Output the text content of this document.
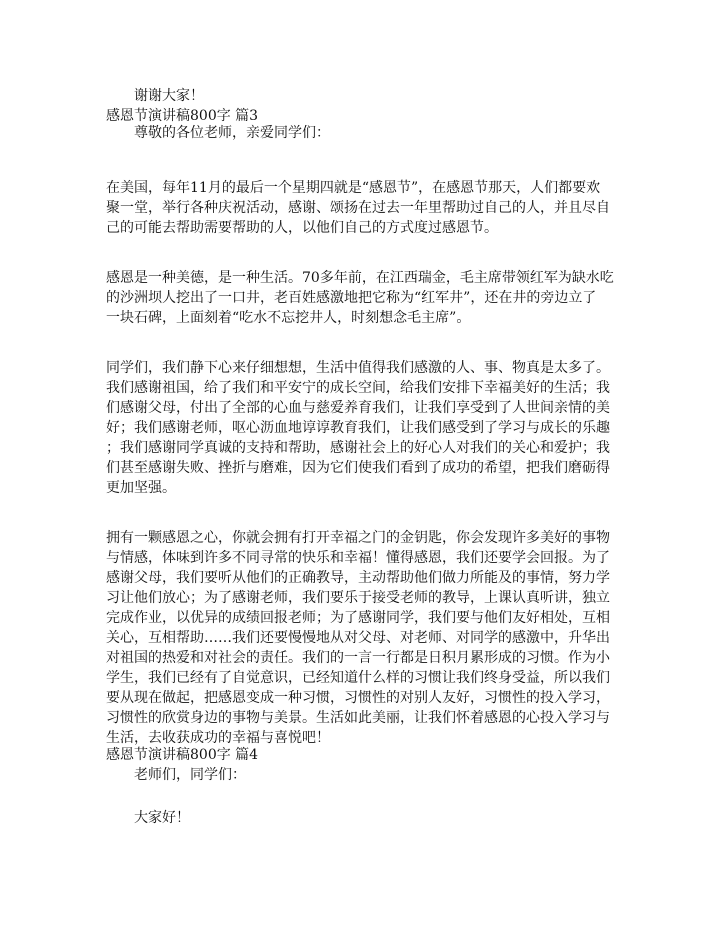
谢谢大家！
感恩节演讲稿800字 篇3
尊敬的各位老师，亲爱同学们：
在美国，每年11月的最后一个星期四就是“感恩节”，在感恩节那天，人们都要欢
聚一堂，举行各种庆祝活动，感谢、颂扬在过去一年里帮助过自己的人，并且尽自
己的可能去帮助需要帮助的人，以他们自己的方式度过感恩节。
感恩是一种美德，是一种生活。70多年前，在江西瑞金，毛主席带领红军为缺水吃
的沙洲坝人挖出了一口井，老百姓感激地把它称为“红军井”，还在井的旁边立了
一块石碑，上面刻着“吃水不忘挖井人，时刻想念毛主席”。
同学们，我们静下心来仔细想想，生活中值得我们感激的人、事、物真是太多了。
我们感谢祖国，给了我们和平安宁的成长空间，给我们安排下幸福美好的生活；我
们感谢父母，付出了全部的心血与慈爱养育我们，让我们享受到了人世间亲情的美
好；我们感谢老师，呕心沥血地谆谆教育我们，让我们感受到了学习与成长的乐趣
；我们感谢同学真诚的支持和帮助，感谢社会上的好心人对我们的关心和爱护；我
们甚至感谢失败、挫折与磨难，因为它们使我们看到了成功的希望，把我们磨砺得
更加坚强。
拥有一颗感恩之心，你就会拥有打开幸福之门的金钥匙，你会发现许多美好的事物
与情感，体味到许多不同寻常的快乐和幸福！懂得感恩，我们还要学会回报。为了
感谢父母，我们要听从他们的正确教导，主动帮助他们做力所能及的事情，努力学
习让他们放心；为了感谢老师，我们要乐于接受老师的教导，上课认真听讲，独立
完成作业，以优异的成绩回报老师；为了感谢同学，我们要与他们友好相处，互相
关心，互相帮助……我们还要慢慢地从对父母、对老师、对同学的感激中，升华出
对祖国的热爱和对社会的责任。我们的一言一行都是日积月累形成的习惯。作为小
学生，我们已经有了自觉意识，已经知道什么样的习惯让我们终身受益，所以我们
要从现在做起，把感恩变成一种习惯，习惯性的对别人友好，习惯性的投入学习，
习惯性的欣赏身边的事物与美景。生活如此美丽，让我们怀着感恩的心投入学习与
生活，去收获成功的幸福与喜悦吧！
感恩节演讲稿800字 篇4
老师们，同学们：
大家好！
